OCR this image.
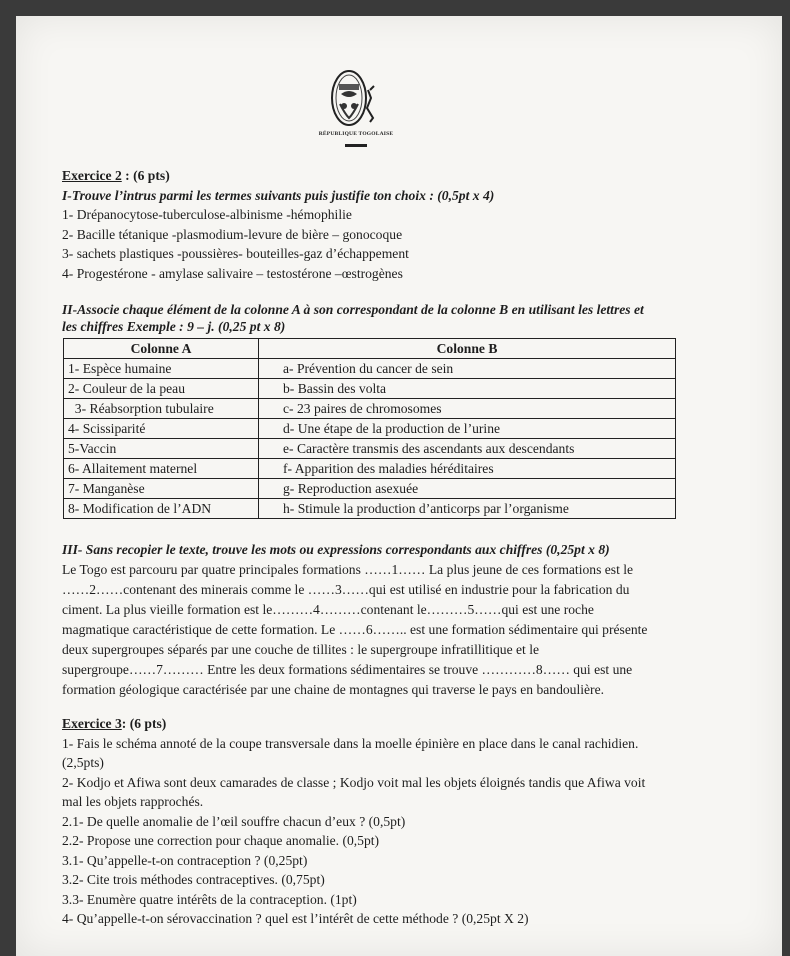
RÉPUBLIQUE TOGOLAISE
Exercice 2 : (6 pts)
I-Trouve l’intrus parmi les termes suivants puis justifie ton choix : (0,5pt x 4)
1- Drépanocytose-tuberculose-albinisme -hémophilie
2- Bacille tétanique -plasmodium-levure de bière – gonocoque
3- sachets plastiques -poussières- bouteilles-gaz d’échappement
4- Progestérone - amylase salivaire – testostérone –œstrogènes
II-Associe chaque élément de la colonne A à son correspondant de la colonne B en utilisant les lettres et
les chiffres Exemple : 9 – j. (0,25 pt x 8)
Colonne A	Colonne B
1- Espèce humaine	a- Prévention du cancer de sein
2- Couleur de la peau	b- Bassin des volta
3- Réabsorption tubulaire	c- 23 paires de chromosomes
4- Scissiparité	d- Une étape de la production de l’urine
5-Vaccin	e- Caractère transmis des ascendants aux descendants
6- Allaitement maternel	f- Apparition des maladies héréditaires
7- Manganèse	g- Reproduction asexuée
8- Modification de l’ADN	h- Stimule la production d’anticorps par l’organisme
III- Sans recopier le texte, trouve les mots ou expressions correspondants aux chiffres (0,25pt x 8)
Le Togo est parcouru par quatre principales formations ……1…… La plus jeune de ces formations est le
……2……contenant des minerais comme le ……3……qui est utilisé en industrie pour la fabrication du
ciment. La plus vieille formation est le………4………contenant le………5……qui est une roche
magmatique caractéristique de cette formation. Le ……6…….. est une formation sédimentaire qui présente
deux supergroupes séparés par une couche de tillites : le supergroupe infratillitique et le
supergroupe……7……… Entre les deux formations sédimentaires se trouve …………8…… qui est une
formation géologique caractérisée par une chaine de montagnes qui traverse le pays en bandoulière.
Exercice 3: (6 pts)
1- Fais le schéma annoté de la coupe transversale dans la moelle épinière en place dans le canal rachidien.
(2,5pts)
2- Kodjo et Afiwa sont deux camarades de classe ; Kodjo voit mal les objets éloignés tandis que Afiwa voit
mal les objets rapprochés.
2.1- De quelle anomalie de l’œil souffre chacun d’eux ? (0,5pt)
2.2- Propose une correction pour chaque anomalie. (0,5pt)
3.1- Qu’appelle-t-on contraception ? (0,25pt)
3.2- Cite trois méthodes contraceptives. (0,75pt)
3.3- Enumère quatre intérêts de la contraception. (1pt)
4- Qu’appelle-t-on sérovaccination ? quel est l’intérêt de cette méthode ? (0,25pt X 2)
